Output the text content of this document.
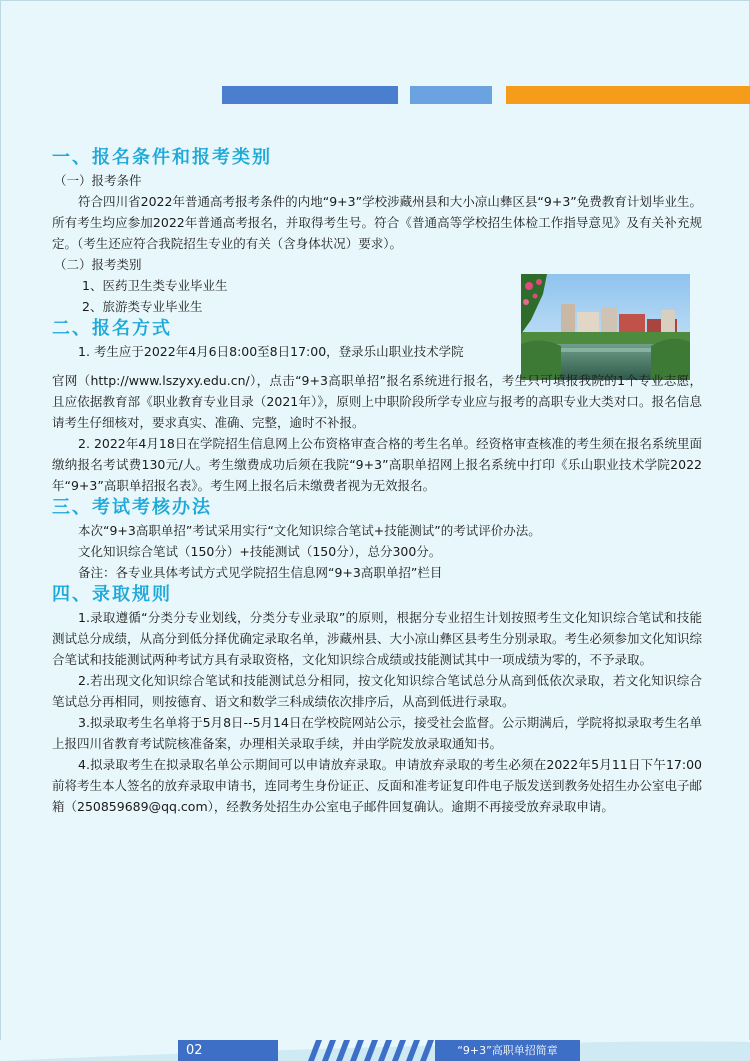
一、报名条件和报考类别
（一）报考条件

符合四川省2022年普通高考报考条件的内地“9+3”学校涉藏州县和大小凉山彝区县“9+3”免费教育计划毕业生。所有考生均应参加2022年普通高考报名，并取得考生号。符合《普通高等学校招生体检工作指导意见》及有关补充规定。（考生还应符合我院招生专业的有关（含身体状况）要求）。

（二）报考类别
1、医药卫生类专业毕业生
2、旅游类专业毕业生
二、报名方式

1. 考生应于2022年4月6日8:00至8日17:00，登录乐山职业技术学院

官网（http://www.lszyxy.edu.cn/），点击“9+3高职单招”报名系统进行报名，考生只可填报我院的1个专业志愿，且应依据教育部《职业教育专业目录（2021年）》，原则上中职阶段所学专业应与报考的高职专业大类对口。报名信息请考生仔细核对，要求真实、准确、完整，逾时不补报。

2. 2022年4月18日在学院招生信息网上公布资格审查合格的考生名单。经资格审查核准的考生须在报名系统里面缴纳报名考试费130元/人。考生缴费成功后须在我院“9+3”高职单招网上报名系统中打印《乐山职业技术学院2022年“9+3”高职单招报名表》。考生网上报名后未缴费者视为无效报名。

三、考试考核办法

本次“9+3高职单招”考试采用实行“文化知识综合笔试+技能测试”的考试评价办法。

文化知识综合笔试（150分）+技能测试（150分），总分300分。

备注：各专业具体考试方式见学院招生信息网“9+3高职单招”栏目

四、录取规则

1.录取遵循“分类分专业划线，分类分专业录取”的原则，根据分专业招生计划按照考生文化知识综合笔试和技能测试总分成绩，从高分到低分择优确定录取名单，涉藏州县、大小凉山彝区县考生分别录取。考生必须参加文化知识综合笔试和技能测试两种考试方具有录取资格，文化知识综合成绩或技能测试其中一项成绩为零的，不予录取。

2.若出现文化知识综合笔试和技能测试总分相同，按文化知识综合笔试总分从高到低依次录取，若文化知识综合笔试总分再相同，则按德育、语文和数学三科成绩依次排序后，从高到低进行录取。

3.拟录取考生名单将于5月8日--5月14日在学校院网站公示，接受社会监督。公示期满后，学院将拟录取考生名单上报四川省教育考试院核准备案，办理相关录取手续，并由学院发放录取通知书。

4.拟录取考生在拟录取名单公示期间可以申请放弃录取。申请放弃录取的考生必须在2022年5月11日下午17:00前将考生本人签名的放弃录取申请书，连同考生身份证正、反面和准考证复印件电子版发送到教务处招生办公室电子邮箱（250859689@qq.com），经教务处招生办公室电子邮件回复确认。逾期不再接受放弃录取申请。

02	“9+3”高职单招简章
